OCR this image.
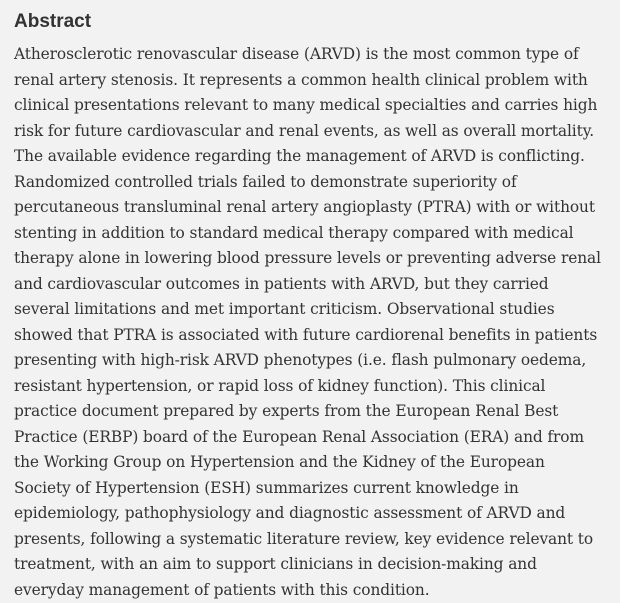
Abstract

Atherosclerotic renovascular disease (ARVD) is the most common type of renal artery stenosis. It represents a common health clinical problem with clinical presentations relevant to many medical specialties and carries high risk for future cardiovascular and renal events, as well as overall mortality. The available evidence regarding the management of ARVD is conflicting. Randomized controlled trials failed to demonstrate superiority of percutaneous transluminal renal artery angioplasty (PTRA) with or without stenting in addition to standard medical therapy compared with medical therapy alone in lowering blood pressure levels or preventing adverse renal and cardiovascular outcomes in patients with ARVD, but they carried several limitations and met important criticism. Observational studies showed that PTRA is associated with future cardiorenal benefits in patients presenting with high-risk ARVD phenotypes (i.e. flash pulmonary oedema, resistant hypertension, or rapid loss of kidney function). This clinical practice document prepared by experts from the European Renal Best Practice (ERBP) board of the European Renal Association (ERA) and from the Working Group on Hypertension and the Kidney of the European Society of Hypertension (ESH) summarizes current knowledge in epidemiology, pathophysiology and diagnostic assessment of ARVD and presents, following a systematic literature review, key evidence relevant to treatment, with an aim to support clinicians in decision-making and everyday management of patients with this condition.
